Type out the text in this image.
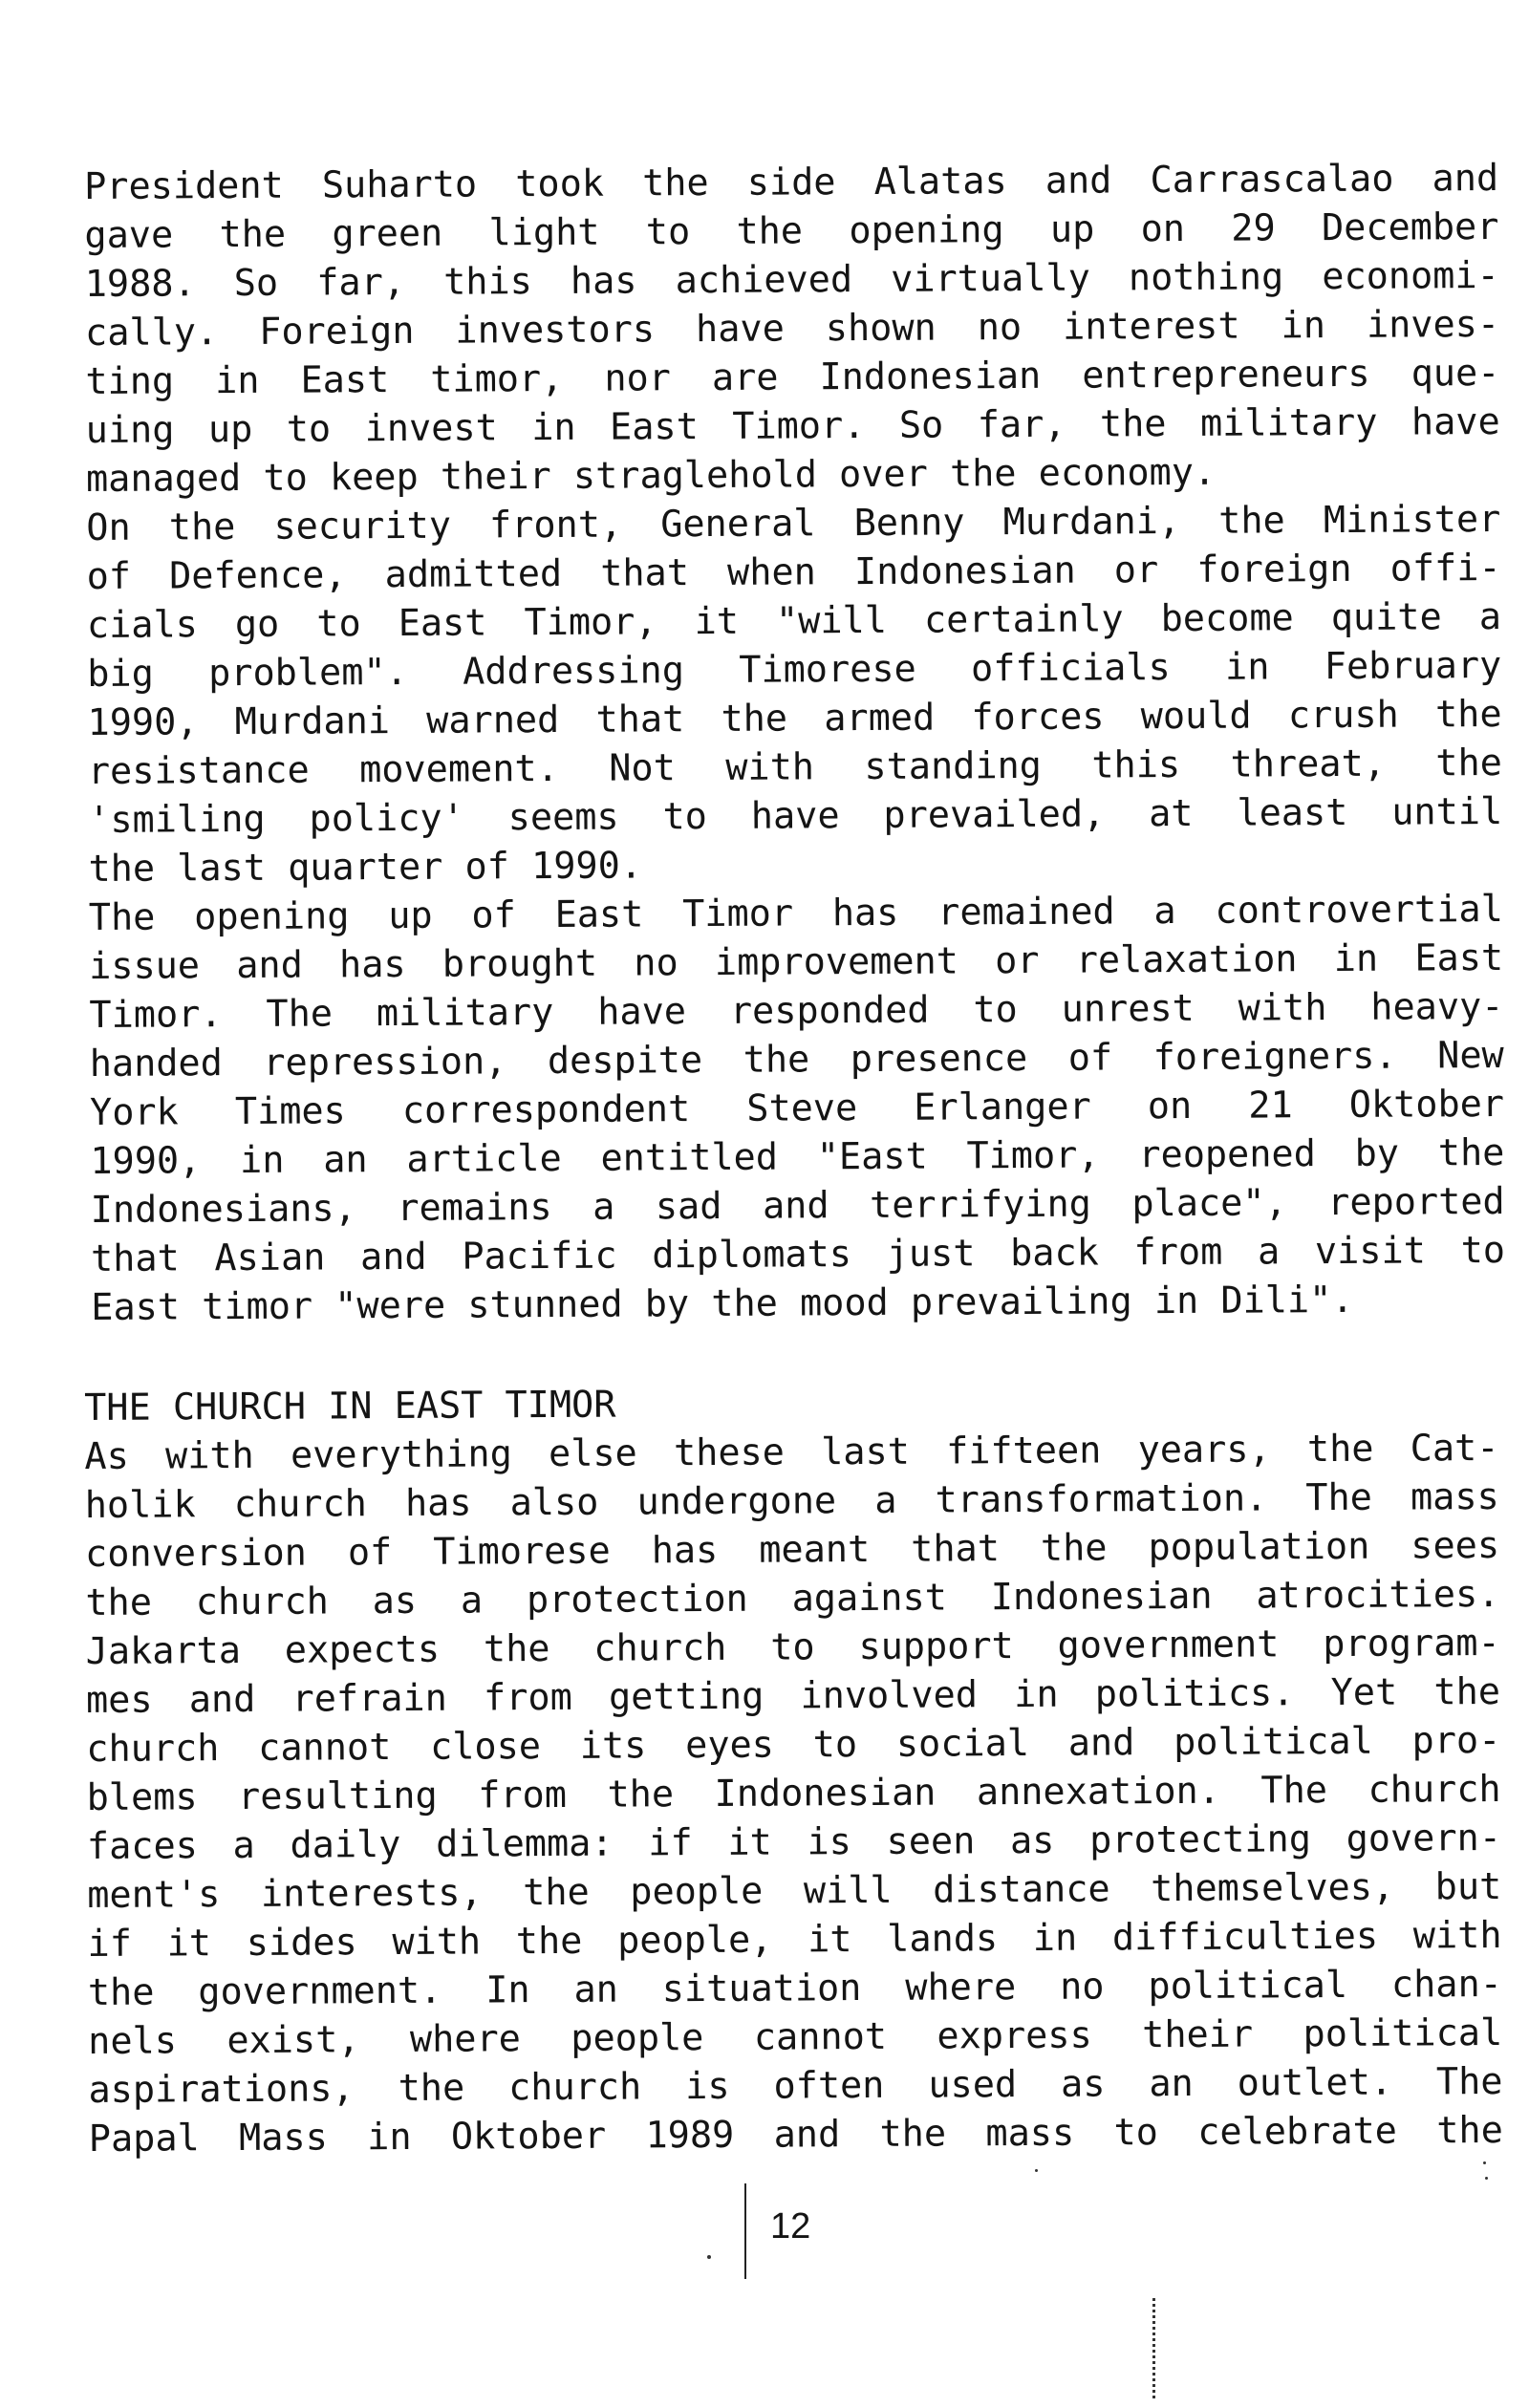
President Suharto took the side Alatas and Carrascalao and
gave the green light to the opening up on 29 December
1988. So far, this has achieved virtually nothing economi-
cally. Foreign investors have shown no interest in inves-
ting in East timor, nor are Indonesian entrepreneurs que-
uing up to invest in East Timor. So far, the military have
managed to keep their straglehold over the economy.
On the security front, General Benny Murdani, the Minister
of Defence, admitted that when Indonesian or foreign offi-
cials go to East Timor, it "will certainly become quite a
big problem". Addressing Timorese officials in February
1990, Murdani warned that the armed forces would crush the
resistance movement. Not with standing this threat, the
'smiling policy' seems to have prevailed, at least until
the last quarter of 1990.
The opening up of East Timor has remained a controvertial
issue and has brought no improvement or relaxation in East
Timor. The military have responded to unrest with heavy-
handed repression, despite the presence of foreigners. New
York Times correspondent Steve Erlanger on 21 Oktober
1990, in an article entitled "East Timor, reopened by the
Indonesians, remains a sad and terrifying place", reported
that Asian and Pacific diplomats just back from a visit to
East timor "were stunned by the mood prevailing in Dili".
THE CHURCH IN EAST TIMOR
As with everything else these last fifteen years, the Cat-
holik church has also undergone a transformation. The mass
conversion of Timorese has meant that the population sees
the church as a protection against Indonesian atrocities.
Jakarta expects the church to support government program-
mes and refrain from getting involved in politics. Yet the
church cannot close its eyes to social and political pro-
blems resulting from the Indonesian annexation. The church
faces a daily dilemma: if it is seen as protecting govern-
ment's interests, the people will distance themselves, but
if it sides with the people, it lands in difficulties with
the government. In an situation where no political chan-
nels exist, where people cannot express their political
aspirations, the church is often used as an outlet. The
Papal Mass in Oktober 1989 and the mass to celebrate the
12
